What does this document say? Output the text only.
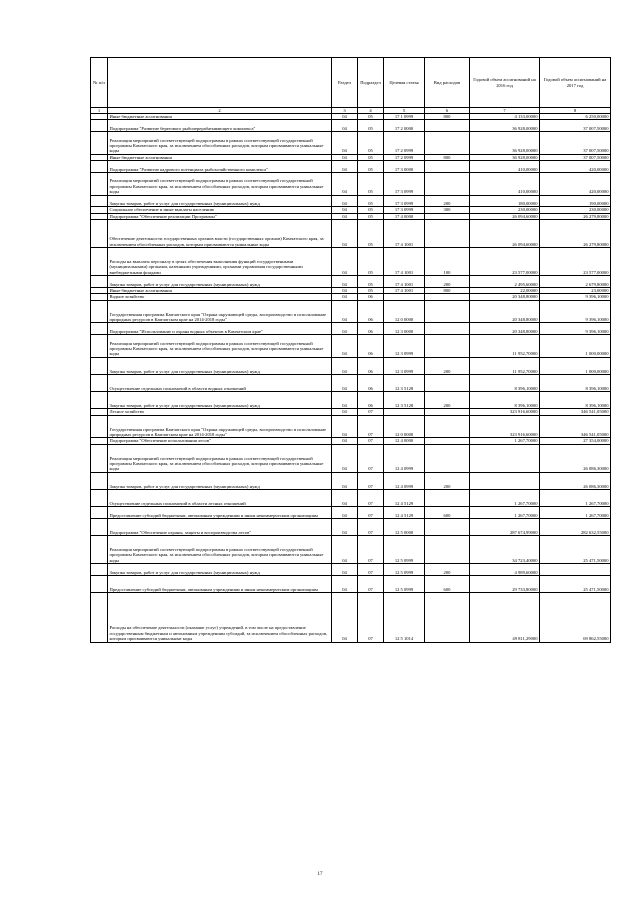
№ п/п		Раздел	Подраздел	Целевая статья	Вид расходов	Годовой объем ассигнований на 2016 год	Годовой объем ассигнований на 2017 год
1	2	3	4	5	6	7	8
	Иные бюджетные ассигнования	04	05	17 1 0999	800	4 133,00000	6 250,00000
	Подпрограмма "Развитие берегового рыбоперерабатывающего комплекса"	04	05	17 2 0000		36 928,00000	37 007,50000
	Реализация мероприятий соответствующей подпрограммы в рамках соответствующей государственной программы Камчатского края, за исключением обособленных расходов, которым присваиваются уникальные коды	04	05	17 2 0999		36 928,00000	37 007,50000
	Иные бюджетные ассигнования	04	05	17 2 0999	800	36 928,00000	37 007,50000
	Подпрограмма "Развитие кадрового потенциала рыбохозяйственного комплекса"	04	05	17 3 0000		410,00000	420,00000
	Реализация мероприятий соответствующей подпрограммы в рамках соответствующей государственной программы Камчатского края, за исключением обособленных расходов, которым присваиваются уникальные коды	04	05	17 3 0999		410,00000	420,00000
	Закупка товаров, работ и услуг для государственных (муниципальных) нужд	04	05	17 3 0999	200	180,00000	190,00000
	Социальное обеспечение и иные выплаты населению	04	05	17 3 0999	300	230,00000	230,00000
	Подпрограмма "Обеспечение реализации Программы"	04	05	17 4 0000		26 094,60000	26 279,80000
	Обеспечение деятельности государственных органов власти (государственных органов) Камчатского края, за исключением обособленных расходов, которым присваиваются уникальные коды	04	05	17 4 1001		26 094,60000	26 279,80000
	Расходы на выплаты персоналу в целях обеспечения выполнения функций государственными (муниципальными) органами, казенными учреждениями, органами управления государственными внебюджетными фондами	04	05	17 4 1001	100	23 577,00000	23 577,00000
	Закупка товаров, работ и услуг для государственных (муниципальных) нужд	04	05	17 4 1001	200	2 495,60000	2 679,80000
	Иные бюджетные ассигнования	04	05	17 4 1001	800	22,00000	23,00000
	Водное хозяйство	04	06			20 348,80000	9 396,10000
	Государственная программа Камчатского края "Охрана окружающей среды, воспроизводство и использование природных ресурсов в Камчатском крае на 2014-2018 годы"	04	06	12 0 0000		20 348,80000	9 396,10000
	Подпрограмма "Использование и охрана водных объектов в Камчатском крае"	04	06	12 3 0000		20 348,80000	9 396,10000
	Реализация мероприятий соответствующей подпрограммы в рамках соответствующей государственной программы Камчатского края, за исключением обособленных расходов, которым присваиваются уникальные коды	04	06	12 3 0999		11 952,70000	1 000,00000
	Закупка товаров, работ и услуг для государственных (муниципальных) нужд	04	06	12 3 0999	200	11 952,70000	1 000,00000
	Осуществление отдельных полномочий в области водных отношений	04	06	12 3 5128		8 396,10000	8 396,10000
	Закупка товаров, работ и услуг для государственных (муниципальных) нужд	04	06	12 3 5128	200	8 396,10000	8 396,10000
	Лесное хозяйство	04	07			323 916,60000	346 541,05000
	Государственная программа Камчатского края "Охрана окружающей среды, воспроизводство и использование природных ресурсов в Камчатском крае на 2014-2018 годы"	04	07	12 0 0000		323 916,60000	346 541,05000
	Подпрограмма "Обеспечение использования лесов"	04	07	12 4 0000		1 267,70000	27 354,00000
	Реализация мероприятий соответствующей подпрограммы в рамках соответствующей государственной программы Камчатского края, за исключением обособленных расходов, которым присваиваются уникальные коды	04	07	12 4 0999			26 086,30000
	Закупка товаров, работ и услуг для государственных (муниципальных) нужд	04	07	12 4 0999	200		26 086,30000
	Осуществление отдельных полномочий в области лесных отношений	04	07	12 4 5129		1 267,70000	1 267,70000
	Предоставление субсидий бюджетным, автономным учреждениям и иным некоммерческим организациям	04	07	12 4 5129	600	1 267,70000	1 267,70000
	Подпрограмма "Обеспечение охраны, защиты и воспроизводства лесов"	04	07	12 5 0000		287 674,99000	282 632,55000
	Реализация мероприятий соответствующей подпрограммы в рамках соответствующей государственной программы Камчатского края, за исключением обособленных расходов, которым присваиваются уникальные коды	04	07	12 5 0999		34 723,40000	25 471,50000
	Закупка товаров, работ и услуг для государственных (муниципальных) нужд	04	07	12 5 0999	200	4 989,60000	
	Предоставление субсидий бюджетным, автономным учреждениям и иным некоммерческим организациям	04	07	12 5 0999	600	29 733,80000	25 471,50000
	Расходы на обеспечение деятельности (оказание услуг) учреждений, в том числе на предоставление государственным бюджетным и автономным учреждениям субсидий, за исключением обособленных расходов, которым присваиваются уникальные коды	04	07	12 5 1014		49 811,29000	69 862,55000
17
